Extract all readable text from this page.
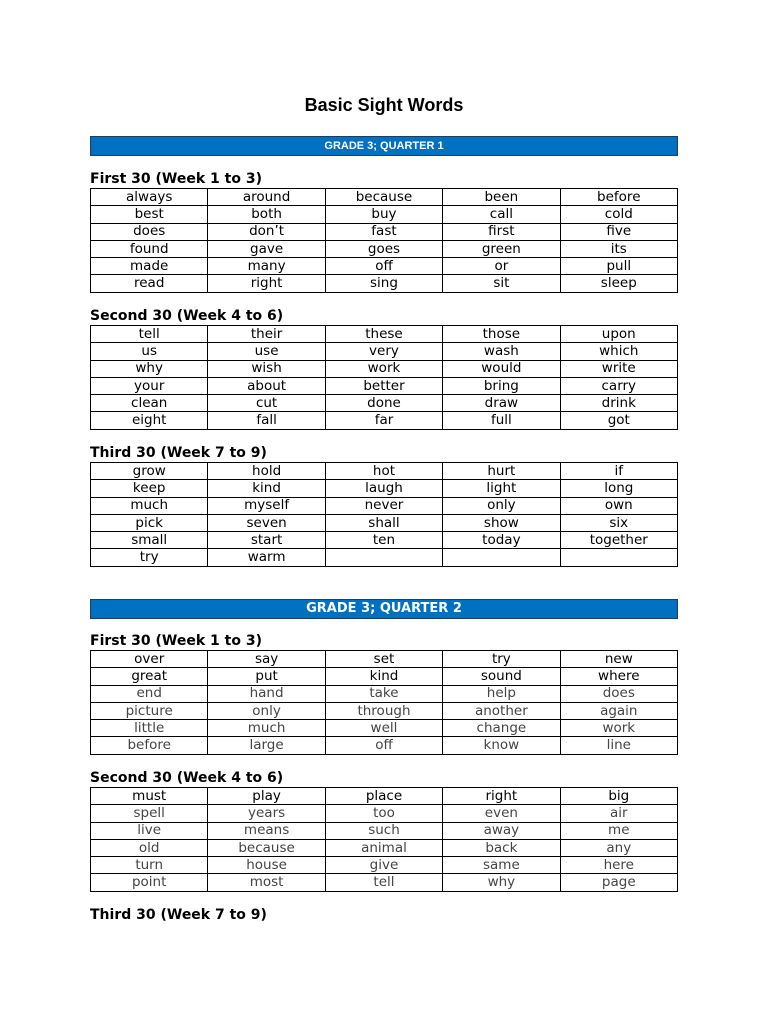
Basic Sight Words
GRADE 3; QUARTER 1
First 30 (Week 1 to 3)
always	around	because	been	before
best	both	buy	call	cold
does	don’t	fast	first	five
found	gave	goes	green	its
made	many	off	or	pull
read	right	sing	sit	sleep
Second 30 (Week 4 to 6)
tell	their	these	those	upon
us	use	very	wash	which
why	wish	work	would	write
your	about	better	bring	carry
clean	cut	done	draw	drink
eight	fall	far	full	got
Third 30 (Week 7 to 9)
grow	hold	hot	hurt	if
keep	kind	laugh	light	long
much	myself	never	only	own
pick	seven	shall	show	six
small	start	ten	today	together
try	warm			
GRADE 3; QUARTER 2
First 30 (Week 1 to 3)
over	say	set	try	new
great	put	kind	sound	where
end	hand	take	help	does
picture	only	through	another	again
little	much	well	change	work
before	large	off	know	line
Second 30 (Week 4 to 6)
must	play	place	right	big
spell	years	too	even	air
live	means	such	away	me
old	because	animal	back	any
turn	house	give	same	here
point	most	tell	why	page
Third 30 (Week 7 to 9)
